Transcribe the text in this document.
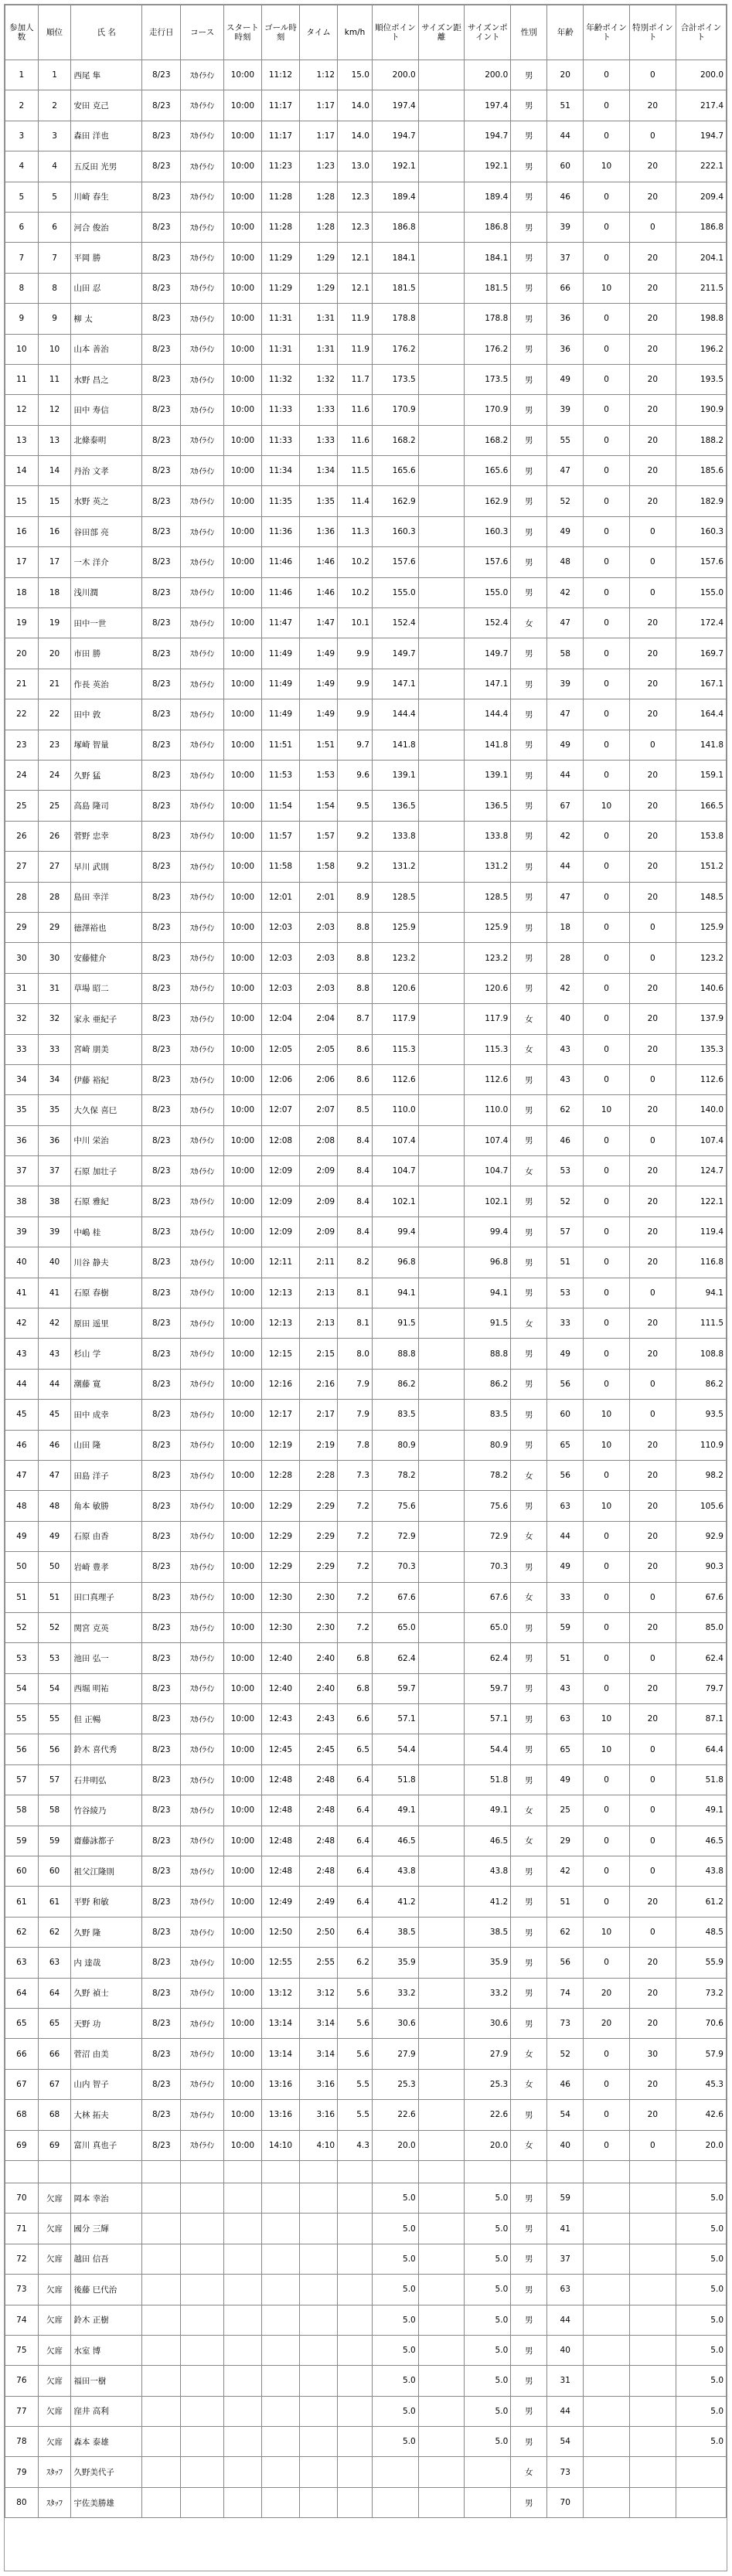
参加人数	順位	氏 名	走行日	コース	スタート時刻	ゴール時刻	タイム	km/h	順位ポイント	サイズン距離	サイズンポイント	性別	年齢	年齢ポイント	特別ポイント	合計ポイント
1	1	西尾 隼	8/23	ｽｶｲﾗｲﾝ	10:00	11:12	1:12	15.0	200.0		200.0	男	20	0	0	200.0
2	2	安田 克己	8/23	ｽｶｲﾗｲﾝ	10:00	11:17	1:17	14.0	197.4		197.4	男	51	0	20	217.4
3	3	森田 洋也	8/23	ｽｶｲﾗｲﾝ	10:00	11:17	1:17	14.0	194.7		194.7	男	44	0	0	194.7
4	4	五反田 光男	8/23	ｽｶｲﾗｲﾝ	10:00	11:23	1:23	13.0	192.1		192.1	男	60	10	20	222.1
5	5	川崎 春生	8/23	ｽｶｲﾗｲﾝ	10:00	11:28	1:28	12.3	189.4		189.4	男	46	0	20	209.4
6	6	河合 俊治	8/23	ｽｶｲﾗｲﾝ	10:00	11:28	1:28	12.3	186.8		186.8	男	39	0	0	186.8
7	7	平岡 勝	8/23	ｽｶｲﾗｲﾝ	10:00	11:29	1:29	12.1	184.1		184.1	男	37	0	20	204.1
8	8	山田 忍	8/23	ｽｶｲﾗｲﾝ	10:00	11:29	1:29	12.1	181.5		181.5	男	66	10	20	211.5
9	9	柳 太	8/23	ｽｶｲﾗｲﾝ	10:00	11:31	1:31	11.9	178.8		178.8	男	36	0	20	198.8
10	10	山本 善治	8/23	ｽｶｲﾗｲﾝ	10:00	11:31	1:31	11.9	176.2		176.2	男	36	0	20	196.2
11	11	水野 昌之	8/23	ｽｶｲﾗｲﾝ	10:00	11:32	1:32	11.7	173.5		173.5	男	49	0	20	193.5
12	12	田中 寿信	8/23	ｽｶｲﾗｲﾝ	10:00	11:33	1:33	11.6	170.9		170.9	男	39	0	20	190.9
13	13	北條泰明	8/23	ｽｶｲﾗｲﾝ	10:00	11:33	1:33	11.6	168.2		168.2	男	55	0	20	188.2
14	14	丹治 文孝	8/23	ｽｶｲﾗｲﾝ	10:00	11:34	1:34	11.5	165.6		165.6	男	47	0	20	185.6
15	15	水野 英之	8/23	ｽｶｲﾗｲﾝ	10:00	11:35	1:35	11.4	162.9		162.9	男	52	0	20	182.9
16	16	谷田部 亮	8/23	ｽｶｲﾗｲﾝ	10:00	11:36	1:36	11.3	160.3		160.3	男	49	0	0	160.3
17	17	一木 洋介	8/23	ｽｶｲﾗｲﾝ	10:00	11:46	1:46	10.2	157.6		157.6	男	48	0	0	157.6
18	18	浅川潤	8/23	ｽｶｲﾗｲﾝ	10:00	11:46	1:46	10.2	155.0		155.0	男	42	0	0	155.0
19	19	田中一世	8/23	ｽｶｲﾗｲﾝ	10:00	11:47	1:47	10.1	152.4		152.4	女	47	0	20	172.4
20	20	市田 勝	8/23	ｽｶｲﾗｲﾝ	10:00	11:49	1:49	9.9	149.7		149.7	男	58	0	20	169.7
21	21	作長 英治	8/23	ｽｶｲﾗｲﾝ	10:00	11:49	1:49	9.9	147.1		147.1	男	39	0	20	167.1
22	22	田中 敦	8/23	ｽｶｲﾗｲﾝ	10:00	11:49	1:49	9.9	144.4		144.4	男	47	0	20	164.4
23	23	塚崎 智量	8/23	ｽｶｲﾗｲﾝ	10:00	11:51	1:51	9.7	141.8		141.8	男	49	0	0	141.8
24	24	久野 猛	8/23	ｽｶｲﾗｲﾝ	10:00	11:53	1:53	9.6	139.1		139.1	男	44	0	20	159.1
25	25	高島 隆司	8/23	ｽｶｲﾗｲﾝ	10:00	11:54	1:54	9.5	136.5		136.5	男	67	10	20	166.5
26	26	菅野 忠幸	8/23	ｽｶｲﾗｲﾝ	10:00	11:57	1:57	9.2	133.8		133.8	男	42	0	20	153.8
27	27	早川 武則	8/23	ｽｶｲﾗｲﾝ	10:00	11:58	1:58	9.2	131.2		131.2	男	44	0	20	151.2
28	28	島田 幸洋	8/23	ｽｶｲﾗｲﾝ	10:00	12:01	2:01	8.9	128.5		128.5	男	47	0	20	148.5
29	29	徳澤裕也	8/23	ｽｶｲﾗｲﾝ	10:00	12:03	2:03	8.8	125.9		125.9	男	18	0	0	125.9
30	30	安藤健介	8/23	ｽｶｲﾗｲﾝ	10:00	12:03	2:03	8.8	123.2		123.2	男	28	0	0	123.2
31	31	草場 昭二	8/23	ｽｶｲﾗｲﾝ	10:00	12:03	2:03	8.8	120.6		120.6	男	42	0	20	140.6
32	32	家永 亜紀子	8/23	ｽｶｲﾗｲﾝ	10:00	12:04	2:04	8.7	117.9		117.9	女	40	0	20	137.9
33	33	宮崎 朋美	8/23	ｽｶｲﾗｲﾝ	10:00	12:05	2:05	8.6	115.3		115.3	女	43	0	20	135.3
34	34	伊藤 裕紀	8/23	ｽｶｲﾗｲﾝ	10:00	12:06	2:06	8.6	112.6		112.6	男	43	0	0	112.6
35	35	大久保 喜巳	8/23	ｽｶｲﾗｲﾝ	10:00	12:07	2:07	8.5	110.0		110.0	男	62	10	20	140.0
36	36	中川 栄治	8/23	ｽｶｲﾗｲﾝ	10:00	12:08	2:08	8.4	107.4		107.4	男	46	0	0	107.4
37	37	石原 加壮子	8/23	ｽｶｲﾗｲﾝ	10:00	12:09	2:09	8.4	104.7		104.7	女	53	0	20	124.7
38	38	石原 雅紀	8/23	ｽｶｲﾗｲﾝ	10:00	12:09	2:09	8.4	102.1		102.1	男	52	0	20	122.1
39	39	中嶋 桂	8/23	ｽｶｲﾗｲﾝ	10:00	12:09	2:09	8.4	99.4		99.4	男	57	0	20	119.4
40	40	川谷 静夫	8/23	ｽｶｲﾗｲﾝ	10:00	12:11	2:11	8.2	96.8		96.8	男	51	0	20	116.8
41	41	石原 春樹	8/23	ｽｶｲﾗｲﾝ	10:00	12:13	2:13	8.1	94.1		94.1	男	53	0	0	94.1
42	42	原田 遥里	8/23	ｽｶｲﾗｲﾝ	10:00	12:13	2:13	8.1	91.5		91.5	女	33	0	20	111.5
43	43	杉山 学	8/23	ｽｶｲﾗｲﾝ	10:00	12:15	2:15	8.0	88.8		88.8	男	49	0	20	108.8
44	44	潮藤 寛	8/23	ｽｶｲﾗｲﾝ	10:00	12:16	2:16	7.9	86.2		86.2	男	56	0	0	86.2
45	45	田中 成幸	8/23	ｽｶｲﾗｲﾝ	10:00	12:17	2:17	7.9	83.5		83.5	男	60	10	0	93.5
46	46	山田 隆	8/23	ｽｶｲﾗｲﾝ	10:00	12:19	2:19	7.8	80.9		80.9	男	65	10	20	110.9
47	47	田島 洋子	8/23	ｽｶｲﾗｲﾝ	10:00	12:28	2:28	7.3	78.2		78.2	女	56	0	20	98.2
48	48	角本 敏勝	8/23	ｽｶｲﾗｲﾝ	10:00	12:29	2:29	7.2	75.6		75.6	男	63	10	20	105.6
49	49	石原 由香	8/23	ｽｶｲﾗｲﾝ	10:00	12:29	2:29	7.2	72.9		72.9	女	44	0	20	92.9
50	50	岩崎 豊孝	8/23	ｽｶｲﾗｲﾝ	10:00	12:29	2:29	7.2	70.3		70.3	男	49	0	20	90.3
51	51	田口真理子	8/23	ｽｶｲﾗｲﾝ	10:00	12:30	2:30	7.2	67.6		67.6	女	33	0	0	67.6
52	52	関宮 克英	8/23	ｽｶｲﾗｲﾝ	10:00	12:30	2:30	7.2	65.0		65.0	男	59	0	20	85.0
53	53	池田 弘一	8/23	ｽｶｲﾗｲﾝ	10:00	12:40	2:40	6.8	62.4		62.4	男	51	0	0	62.4
54	54	西堀 明祐	8/23	ｽｶｲﾗｲﾝ	10:00	12:40	2:40	6.8	59.7		59.7	男	43	0	20	79.7
55	55	但 正暢	8/23	ｽｶｲﾗｲﾝ	10:00	12:43	2:43	6.6	57.1		57.1	男	63	10	20	87.1
56	56	鈴木 喜代秀	8/23	ｽｶｲﾗｲﾝ	10:00	12:45	2:45	6.5	54.4		54.4	男	65	10	0	64.4
57	57	石井明弘	8/23	ｽｶｲﾗｲﾝ	10:00	12:48	2:48	6.4	51.8		51.8	男	49	0	0	51.8
58	58	竹谷綾乃	8/23	ｽｶｲﾗｲﾝ	10:00	12:48	2:48	6.4	49.1		49.1	女	25	0	0	49.1
59	59	齋藤詠都子	8/23	ｽｶｲﾗｲﾝ	10:00	12:48	2:48	6.4	46.5		46.5	女	29	0	0	46.5
60	60	祖父江隆則	8/23	ｽｶｲﾗｲﾝ	10:00	12:48	2:48	6.4	43.8		43.8	男	42	0	0	43.8
61	61	平野 和敏	8/23	ｽｶｲﾗｲﾝ	10:00	12:49	2:49	6.4	41.2		41.2	男	51	0	20	61.2
62	62	久野 隆	8/23	ｽｶｲﾗｲﾝ	10:00	12:50	2:50	6.4	38.5		38.5	男	62	10	0	48.5
63	63	内 達哉	8/23	ｽｶｲﾗｲﾝ	10:00	12:55	2:55	6.2	35.9		35.9	男	56	0	20	55.9
64	64	久野 禎士	8/23	ｽｶｲﾗｲﾝ	10:00	13:12	3:12	5.6	33.2		33.2	男	74	20	20	73.2
65	65	天野 功	8/23	ｽｶｲﾗｲﾝ	10:00	13:14	3:14	5.6	30.6		30.6	男	73	20	20	70.6
66	66	菅沼 由美	8/23	ｽｶｲﾗｲﾝ	10:00	13:14	3:14	5.6	27.9		27.9	女	52	0	30	57.9
67	67	山内 智子	8/23	ｽｶｲﾗｲﾝ	10:00	13:16	3:16	5.5	25.3		25.3	女	46	0	20	45.3
68	68	大林 拓夫	8/23	ｽｶｲﾗｲﾝ	10:00	13:16	3:16	5.5	22.6		22.6	男	54	0	20	42.6
69	69	富川 真也子	8/23	ｽｶｲﾗｲﾝ	10:00	14:10	4:10	4.3	20.0		20.0	女	40	0	0	20.0

70	欠席	岡本 幸治							5.0		5.0	男	59			5.0
71	欠席	國分 三輝							5.0		5.0	男	41			5.0
72	欠席	越田 信吾							5.0		5.0	男	37			5.0
73	欠席	後藤 巳代治							5.0		5.0	男	63			5.0
74	欠席	鈴木 正樹							5.0		5.0	男	44			5.0
75	欠席	水室 博							5.0		5.0	男	40			5.0
76	欠席	福田一樹							5.0		5.0	男	31			5.0
77	欠席	窪井 高利							5.0		5.0	男	44			5.0
78	欠席	森本 泰雄							5.0		5.0	男	54			5.0
79	ｽﾀｯﾌ	久野美代子										女	73			
80	ｽﾀｯﾌ	宇佐美勝雄										男	70			
